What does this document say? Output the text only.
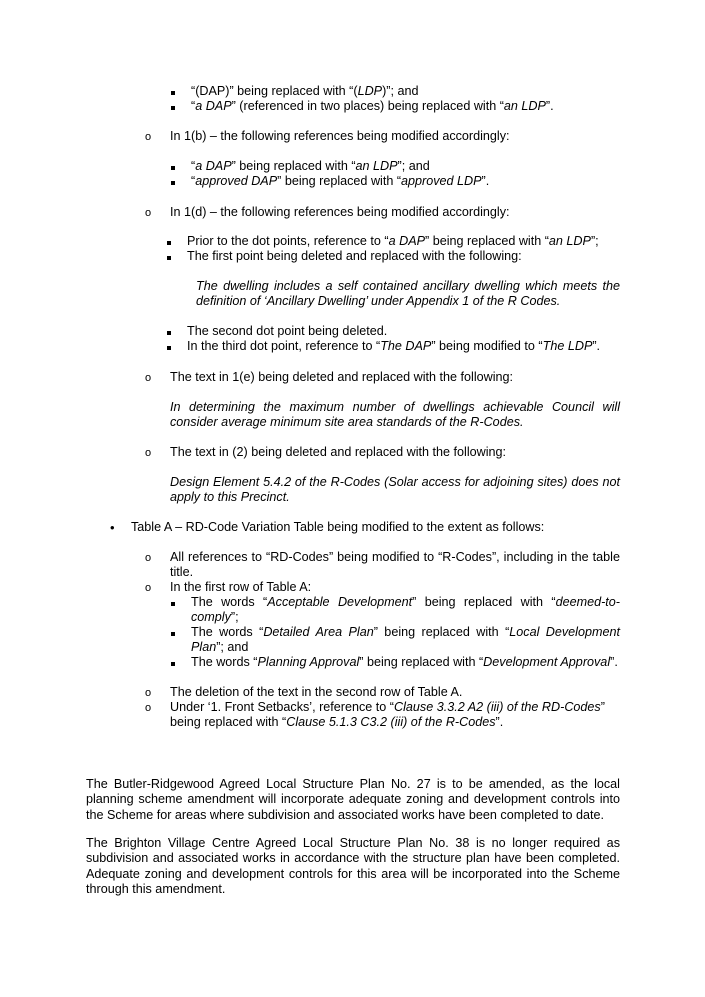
“(DAP)” being replaced with “(LDP)”; and
“a DAP” (referenced in two places) being replaced with “an LDP”.
o In 1(b) – the following references being modified accordingly:
“a DAP” being replaced with “an LDP”; and
“approved DAP” being replaced with “approved LDP”.
o In 1(d) – the following references being modified accordingly:
Prior to the dot points, reference to “a DAP” being replaced with “an LDP”;
The first point being deleted and replaced with the following:

The dwelling includes a self contained ancillary dwelling which meets the definition of ‘Ancillary Dwelling’ under Appendix 1 of the R Codes.

The second dot point being deleted.
In the third dot point, reference to “The DAP” being modified to “The LDP”.
o The text in 1(e) being deleted and replaced with the following:

In determining the maximum number of dwellings achievable Council will consider average minimum site area standards of the R-Codes.

o The text in (2) being deleted and replaced with the following:

Design Element 5.4.2 of the R-Codes (Solar access for adjoining sites) does not apply to this Precinct.

• Table A – RD-Code Variation Table being modified to the extent as follows:
o All references to “RD-Codes” being modified to “R-Codes”, including in the table title.

o In the first row of Table A:

The words “Acceptable Development” being replaced with “deemed-to-comply”;

The words “Detailed Area Plan” being replaced with “Local Development Plan”; and

The words “Planning Approval” being replaced with “Development Approval”.

o The deletion of the text in the second row of Table A.
o Under ‘1. Front Setbacks’, reference to “Clause 3.3.2 A2 (iii) of the RD-Codes” being replaced with “Clause 5.1.3 C3.2 (iii) of the R-Codes”.

The Butler-Ridgewood Agreed Local Structure Plan No. 27 is to be amended, as the local planning scheme amendment will incorporate adequate zoning and development controls into the Scheme for areas where subdivision and associated works have been completed to date.

The Brighton Village Centre Agreed Local Structure Plan No. 38 is no longer required as subdivision and associated works in accordance with the structure plan have been completed. Adequate zoning and development controls for this area will be incorporated into the Scheme through this amendment.
